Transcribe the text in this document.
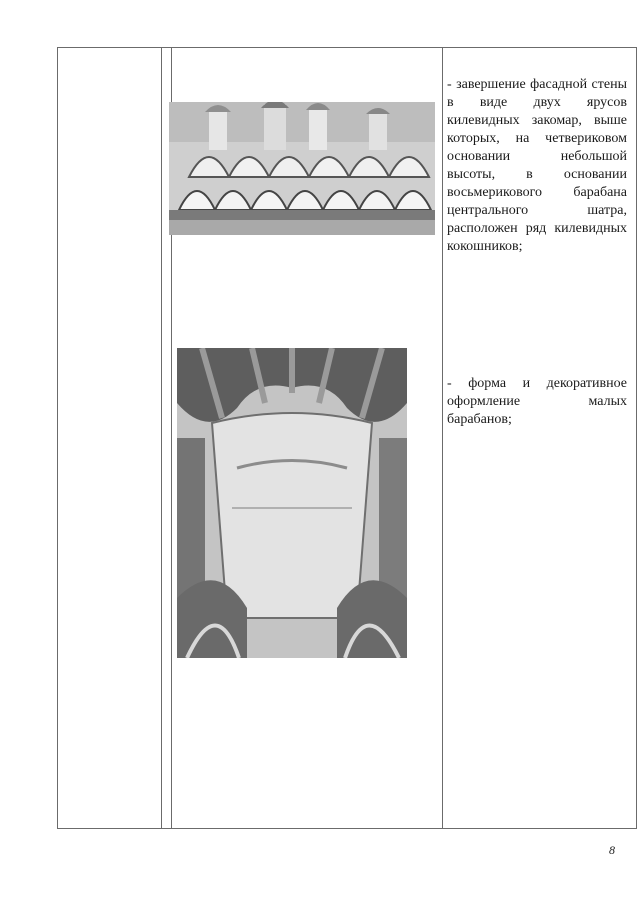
- завершение фасадной стены в виде двух ярусов килевидных закомар, выше которых, на четвериковом основании небольшой высоты, в основании восьмерикового барабана центрального шатра, расположен ряд килевидных кокошников;
- форма и декоративное оформление малых барабанов;
8
